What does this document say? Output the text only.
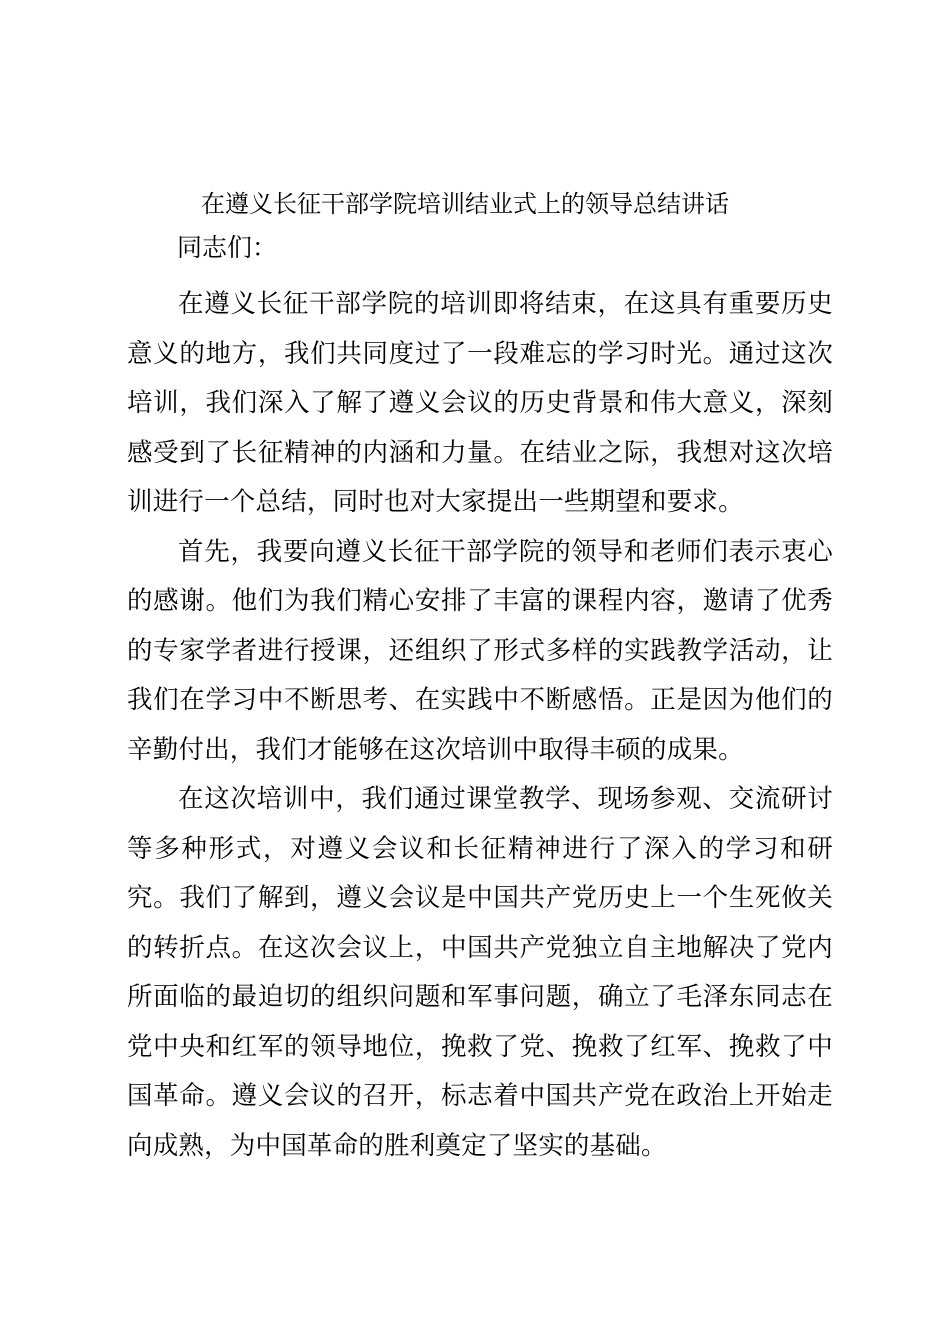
在遵义长征干部学院培训结业式上的领导总结讲话
同志们：

在遵义长征干部学院的培训即将结束，在这具有重要历史意义的地方，我们共同度过了一段难忘的学习时光。通过这次培训，我们深入了解了遵义会议的历史背景和伟大意义，深刻感受到了长征精神的内涵和力量。在结业之际，我想对这次培训进行一个总结，同时也对大家提出一些期望和要求。

首先，我要向遵义长征干部学院的领导和老师们表示衷心的感谢。他们为我们精心安排了丰富的课程内容，邀请了优秀的专家学者进行授课，还组织了形式多样的实践教学活动，让我们在学习中不断思考、在实践中不断感悟。正是因为他们的辛勤付出，我们才能够在这次培训中取得丰硕的成果。

在这次培训中，我们通过课堂教学、现场参观、交流研讨等多种形式，对遵义会议和长征精神进行了深入的学习和研究。我们了解到，遵义会议是中国共产党历史上一个生死攸关的转折点。在这次会议上，中国共产党独立自主地解决了党内所面临的最迫切的组织问题和军事问题，确立了毛泽东同志在党中央和红军的领导地位，挽救了党、挽救了红军、挽救了中国革命。遵义会议的召开，标志着中国共产党在政治上开始走向成熟，为中国革命的胜利奠定了坚实的基础。
